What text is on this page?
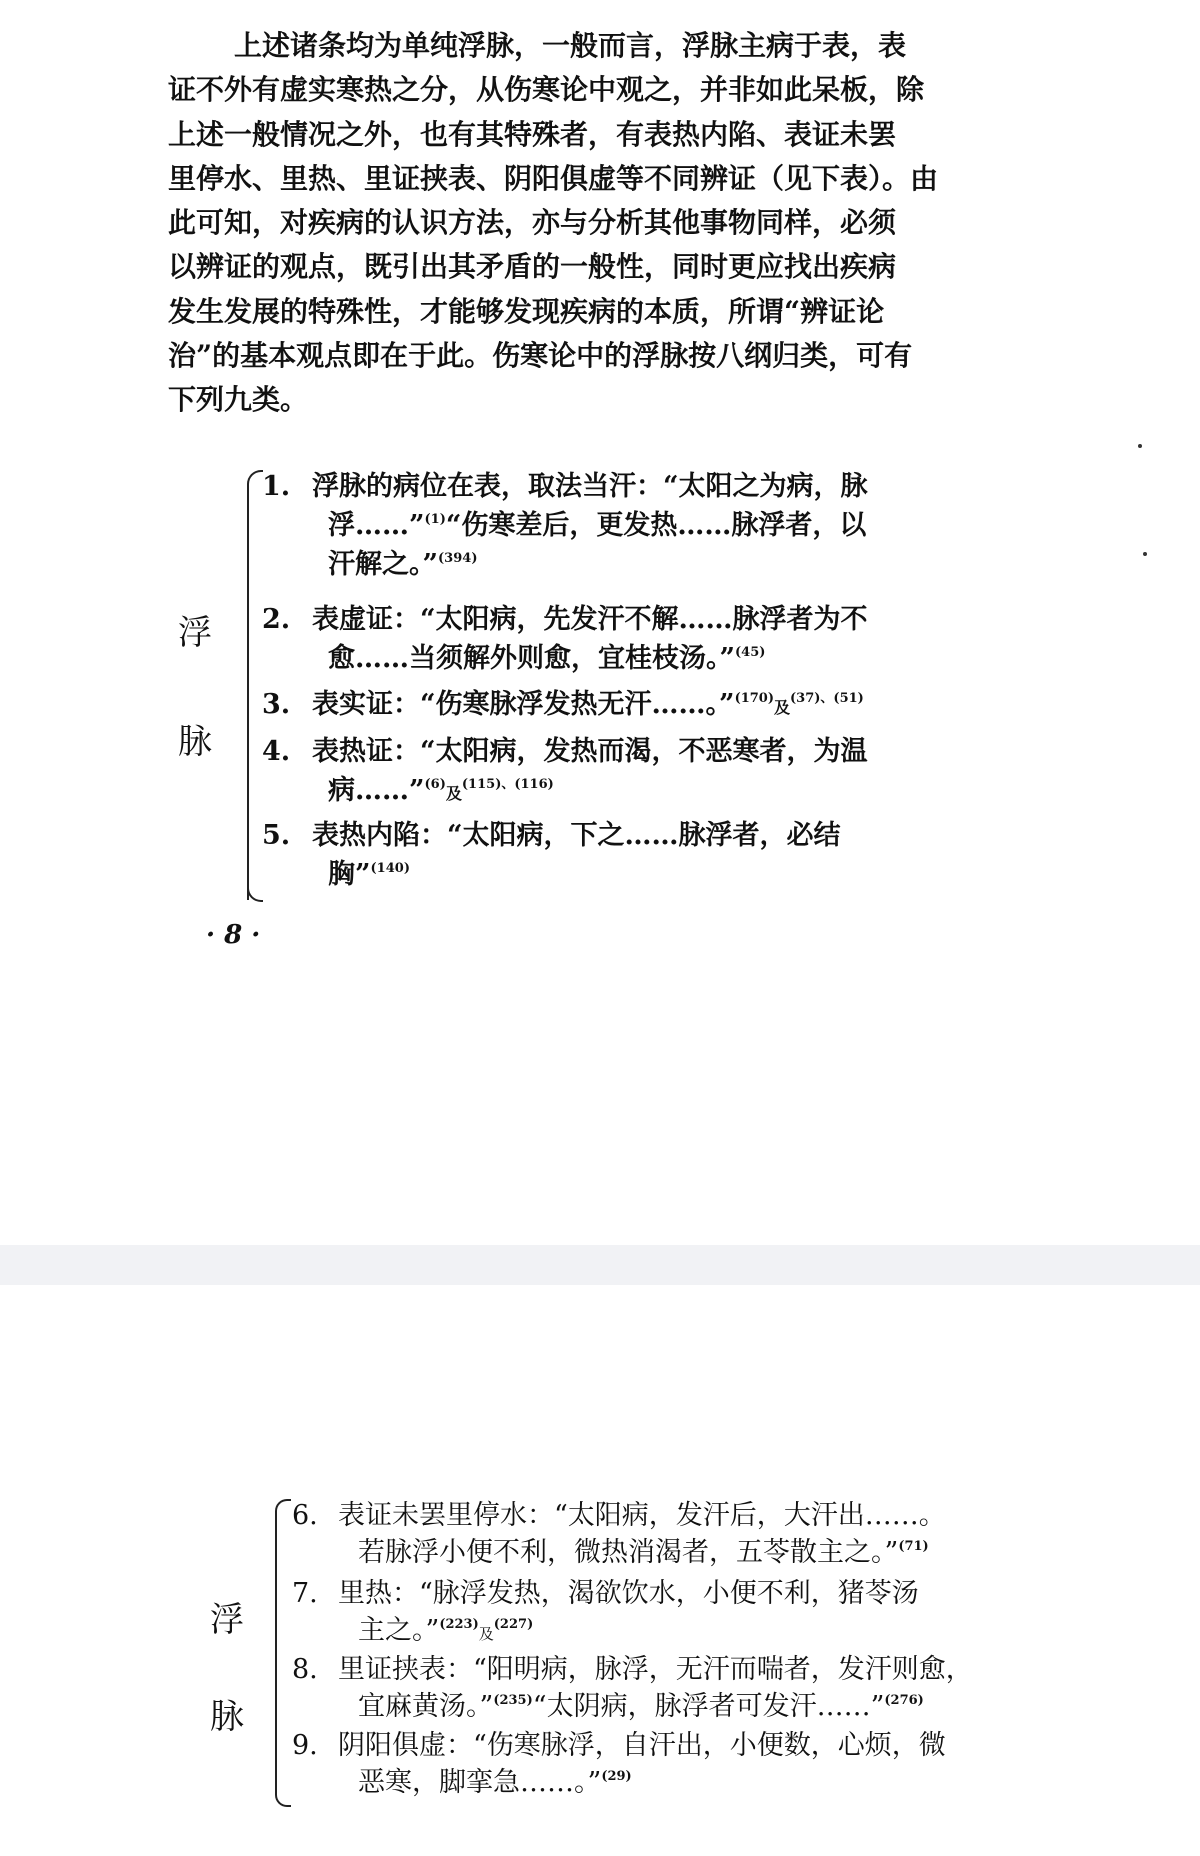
上述诸条均为单纯浮脉，一般而言，浮脉主病于表，表
证不外有虚实寒热之分，从伤寒论中观之，并非如此呆板，除
上述一般情况之外，也有其特殊者，有表热内陷、表证未罢
里停水、里热、里证挟表、阴阳俱虚等不同辨证（见下表）。由
此可知，对疾病的认识方法，亦与分析其他事物同样，必须
以辨证的观点，既引出其矛盾的一般性，同时更应找出疾病
发生发展的特殊性，才能够发现疾病的本质，所谓“辨证论
治”的基本观点即在于此。伤寒论中的浮脉按八纲归类，可有
下列九类。
浮
脉
1. 浮脉的病位在表，取法当汗：“太阳之为病，脉
浮……”$^{(1)}$“伤寒差后，更发热……脉浮者，以
汗解之。”$^{(394)}$
2. 表虚证：“太阳病，先发汗不解……脉浮者为不
愈……当须解外则愈，宜桂枝汤。”$^{(45)}$
3. 表实证：“伤寒脉浮发热无汗……。”$^{(170)}$及$^{(37)、(51)}$
4. 表热证：“太阳病，发热而渴，不恶寒者，为温
病……”$^{(6)}$及$^{(115)、(116)}$
5. 表热内陷：“太阳病，下之……脉浮者，必结
胸”$^{(140)}$
· 8 ·
浮
脉
6. 表证未罢里停水：“太阳病，发汗后，大汗出……。
若脉浮小便不利，微热消渴者，五苓散主之。”$^{(71)}$
7. 里热：“脉浮发热，渴欲饮水，小便不利，猪苓汤
主之。”$^{(223)}$及$^{(227)}$
8. 里证挟表：“阳明病，脉浮，无汗而喘者，发汗则愈，
宜麻黄汤。”$^{(235)}$“太阴病，脉浮者可发汗……”$^{(276)}$
9. 阴阳俱虚：“伤寒脉浮，自汗出，小便数，心烦，微
恶寒，脚挛急……。”$^{(29)}$
